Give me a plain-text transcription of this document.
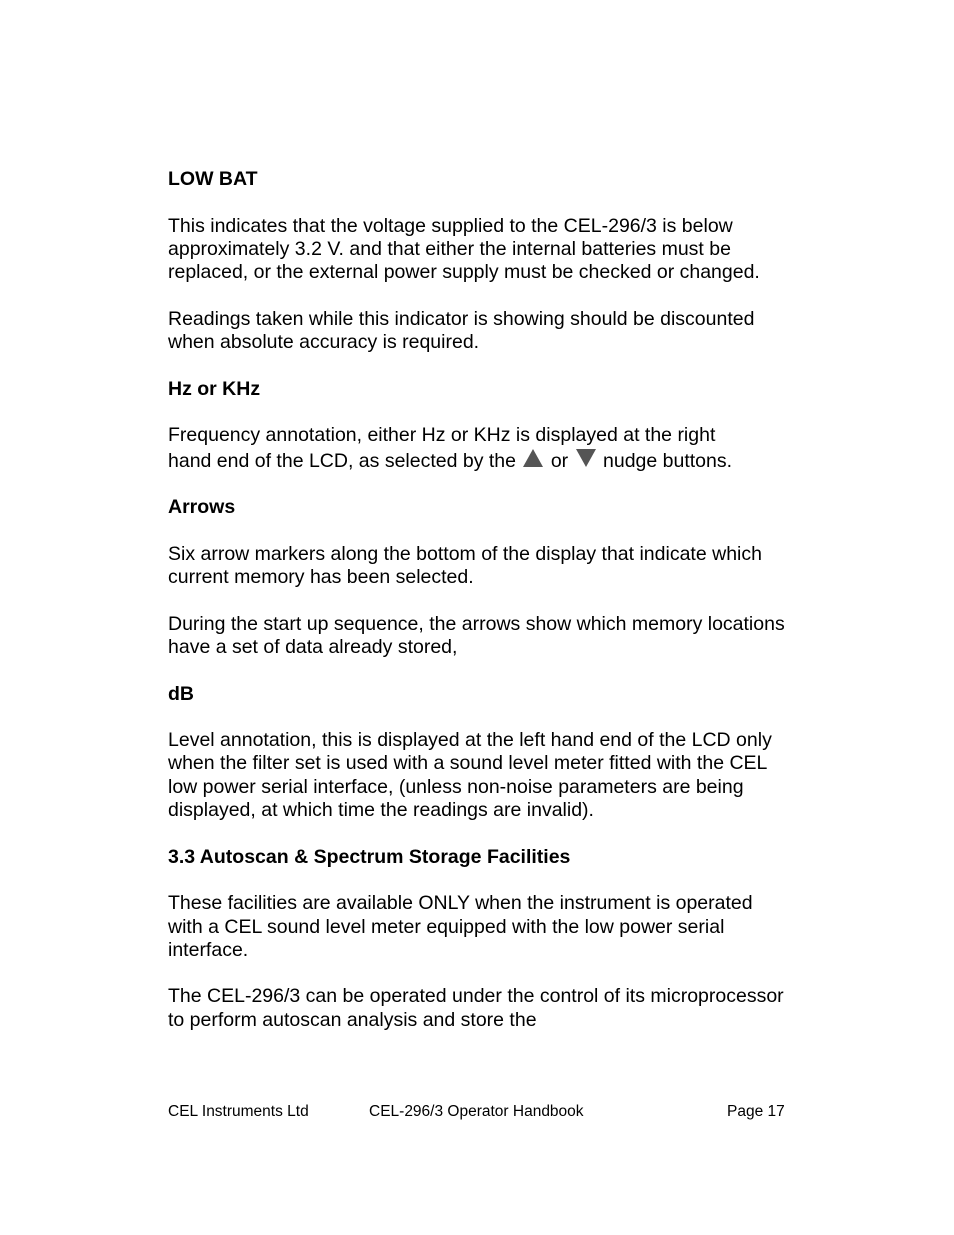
LOW BAT

This indicates that the voltage supplied to the CEL-296/3 is below approximately 3.2 V. and that either the internal batteries must be replaced, or the external power supply must be checked or changed.

Readings taken while this indicator is showing should be discounted when absolute accuracy is required.

Hz or KHz

Frequency annotation, either Hz or KHz is displayed at the right
hand end of the LCD, as selected by the or nudge buttons.

Arrows

Six arrow markers along the bottom of the display that indicate which current memory has been selected.

During the start up sequence, the arrows show which memory locations have a set of data already stored,

dB

Level annotation, this is displayed at the left hand end of the LCD only when the filter set is used with a sound level meter fitted with the CEL low power serial interface, (unless non-noise parameters are being displayed, at which time the readings are invalid).

3.3 Autoscan & Spectrum Storage Facilities

These facilities are available ONLY when the instrument is operated with a CEL sound level meter equipped with the low power serial interface.

The CEL-296/3 can be operated under the control of its microprocessor to perform autoscan analysis and store the

CEL Instruments Ltd	CEL-296/3 Operator Handbook	Page 17
